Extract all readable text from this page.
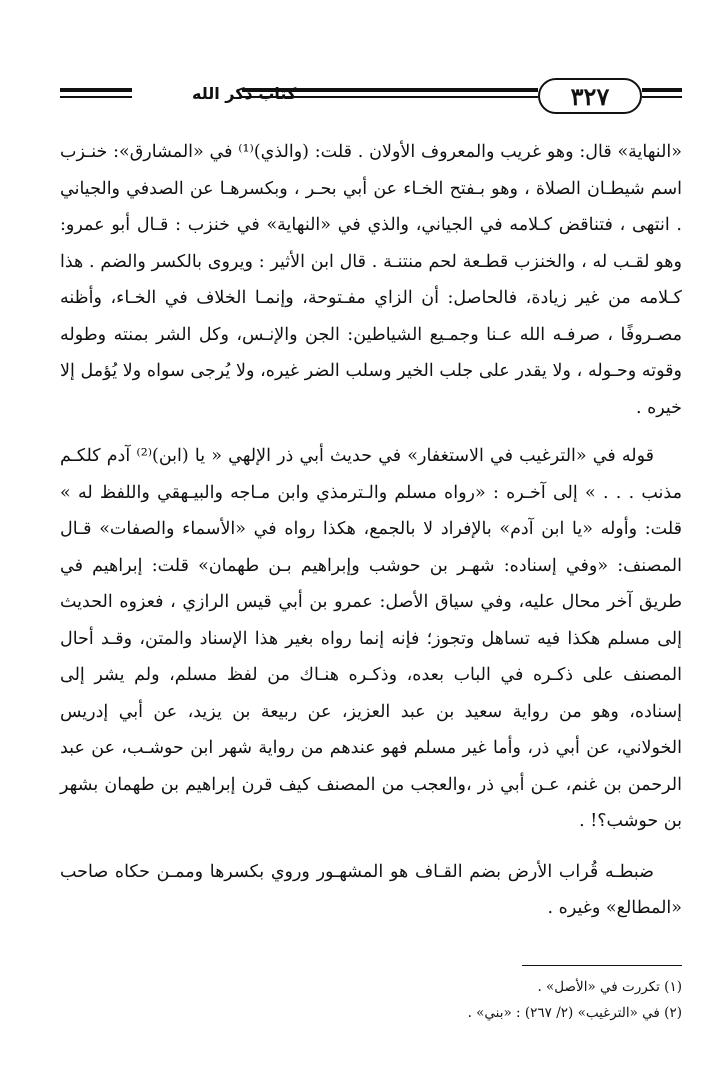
كتاب ذكر الله	٣٢٧

«النهاية» قال: وهو غريب والمعروف الأولان . قلت: (والذي)⁽¹⁾ في «المشارق»: خنـزب اسم شيطـان الصلاة ، وهو بـفتح الخـاء عن أبي بحـر ، وبكسرهـا عن الصدفي والجياني . انتهى ، فتناقض كـلامه في الجياني، والذي في «النهاية» في خنزب : قـال أبو عمرو: وهو لقـب له ، والخنزب قطـعة لحم منتنـة . قال ابن الأثير : ويروى بالكسر والضم . هذا كـلامه من غير زيادة، فالحاصل: أن الزاي مفـتوحة، وإنمـا الخلاف في الخـاء، وأظنه مصـروفًا ، صرفـه الله عـنا وجمـيع الشياطين: الجن والإنـس، وكل الشر بمنته وطوله وقوته وحـوله ، ولا يقدر على جلب الخير وسلب الضر غيره، ولا يُرجى سواه ولا يُؤمل إلا خيره .

قوله في «الترغيب في الاستغفار» في حديث أبي ذر الإلهي « يا (ابن)⁽²⁾ آدم كلكـم مذنب . . . » إلى آخـره : «رواه مسلم والـترمذي وابن مـاجه والبيـهقي واللفظ له » قلت: وأوله «يا ابن آدم» بالإفراد لا بالجمع، هكذا رواه في «الأسماء والصفات» قـال المصنف: «وفي إسناده: شهـر بن حوشب وإبراهيم بـن طهمان» قلت: إبراهيم في طريق آخر محال عليه، وفي سياق الأصل: عمرو بن أبي قيس الرازي ، فعزوه الحديث إلى مسلم هكذا فيه تساهل وتجوز؛ فإنه إنما رواه بغير هذا الإسناد والمتن، وقـد أحال المصنف على ذكـره في الباب بعده، وذكـره هنـاك من لفظ مسلم، ولم يشر إلى إسناده، وهو من رواية سعيد بن عبد العزيز، عن ربيعة بن يزيد، عن أبي إدريس الخولاني، عن أبي ذر، وأما غير مسلم فهو عندهم من رواية شهر ابن حوشـب، عن عبد الرحمن بن غنم، عـن أبي ذر ،والعجب من المصنف كيف قرن إبراهيم بن طهمان بشهر بن حوشب؟! .

ضبطـه قُراب الأرض بضم القـاف هو المشهـور وروي بكسرها وممـن حكاه صاحب «المطالع» وغيره .

(١) تكررت في «الأصل» .
(٢) في «الترغيب» (٢/ ٢٦٧) : «بني» .
